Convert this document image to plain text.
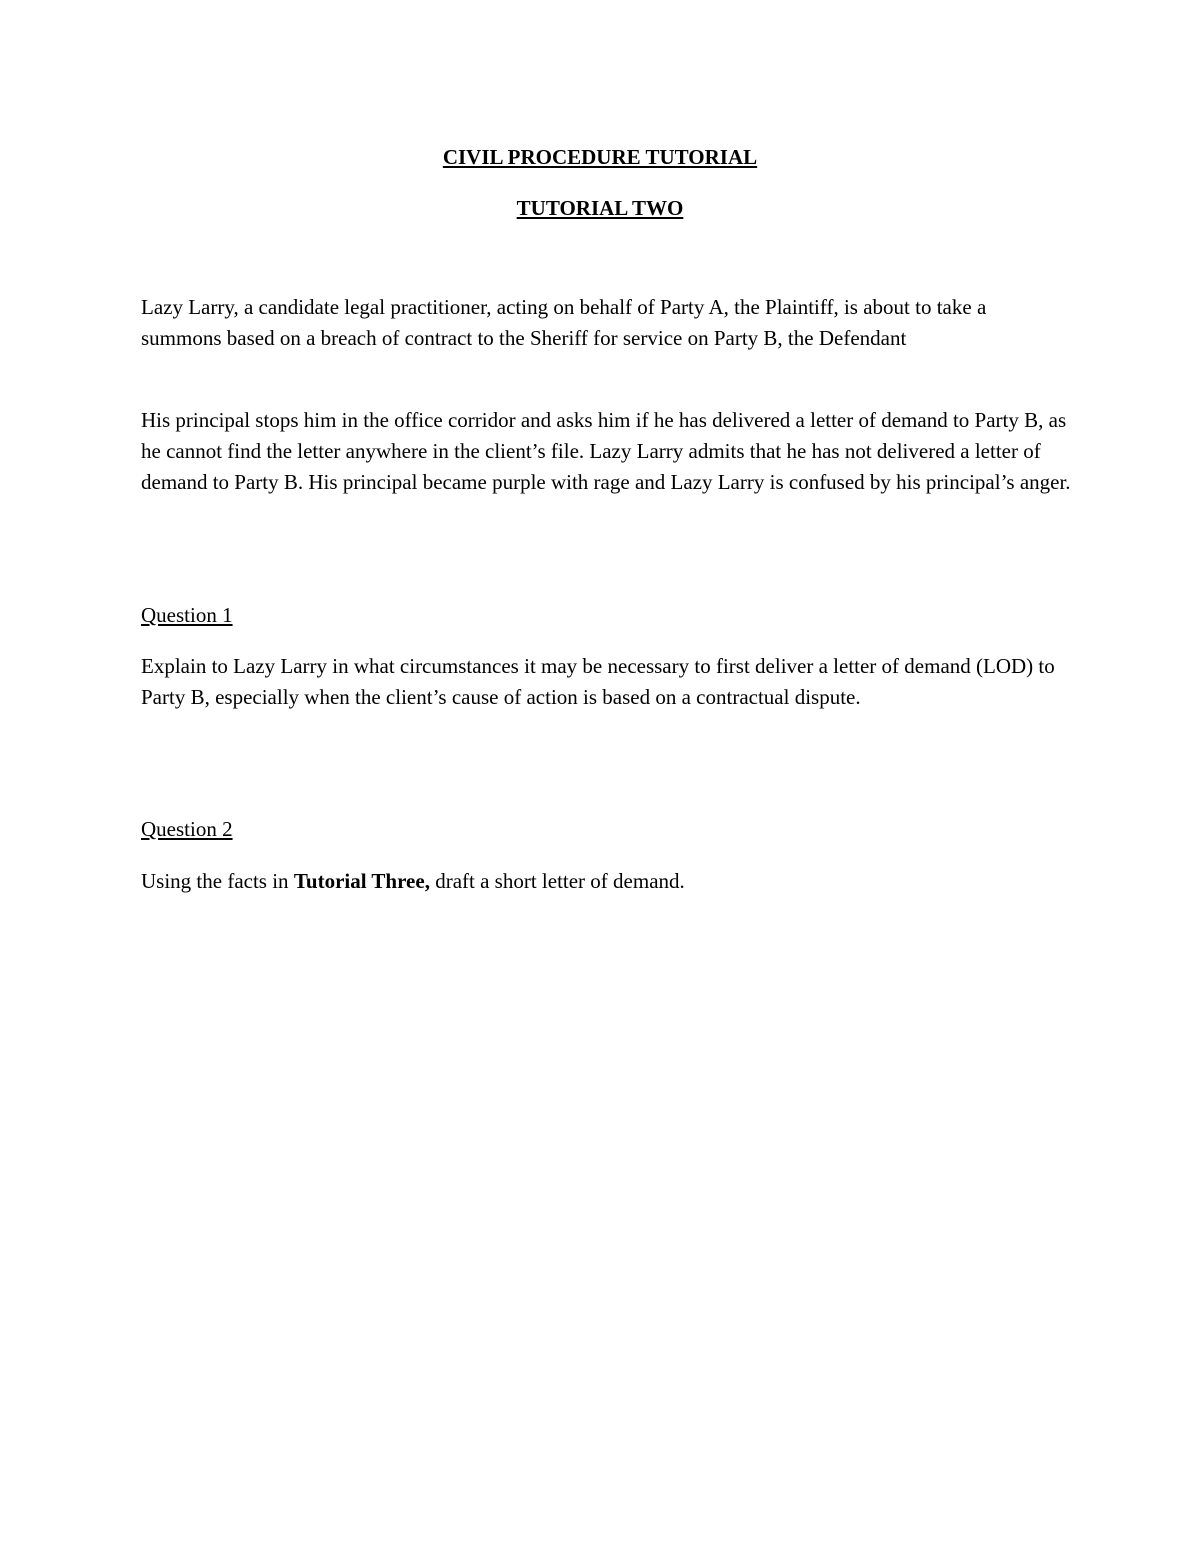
CIVIL PROCEDURE TUTORIAL
TUTORIAL TWO
Lazy Larry, a candidate legal practitioner, acting on behalf of Party A, the Plaintiff, is about to take a summons based on a breach of contract to the Sheriff for service on Party B, the Defendant
His principal stops him in the office corridor and asks him if he has delivered a letter of demand to Party B, as he cannot find the letter anywhere in the client’s file. Lazy Larry admits that he has not delivered a letter of demand to Party B. His principal became purple with rage and Lazy Larry is confused by his principal’s anger.
Question 1
Explain to Lazy Larry in what circumstances it may be necessary to first deliver a letter of demand (LOD) to Party B, especially when the client’s cause of action is based on a contractual dispute.
Question 2
Using the facts in Tutorial Three, draft a short letter of demand.
